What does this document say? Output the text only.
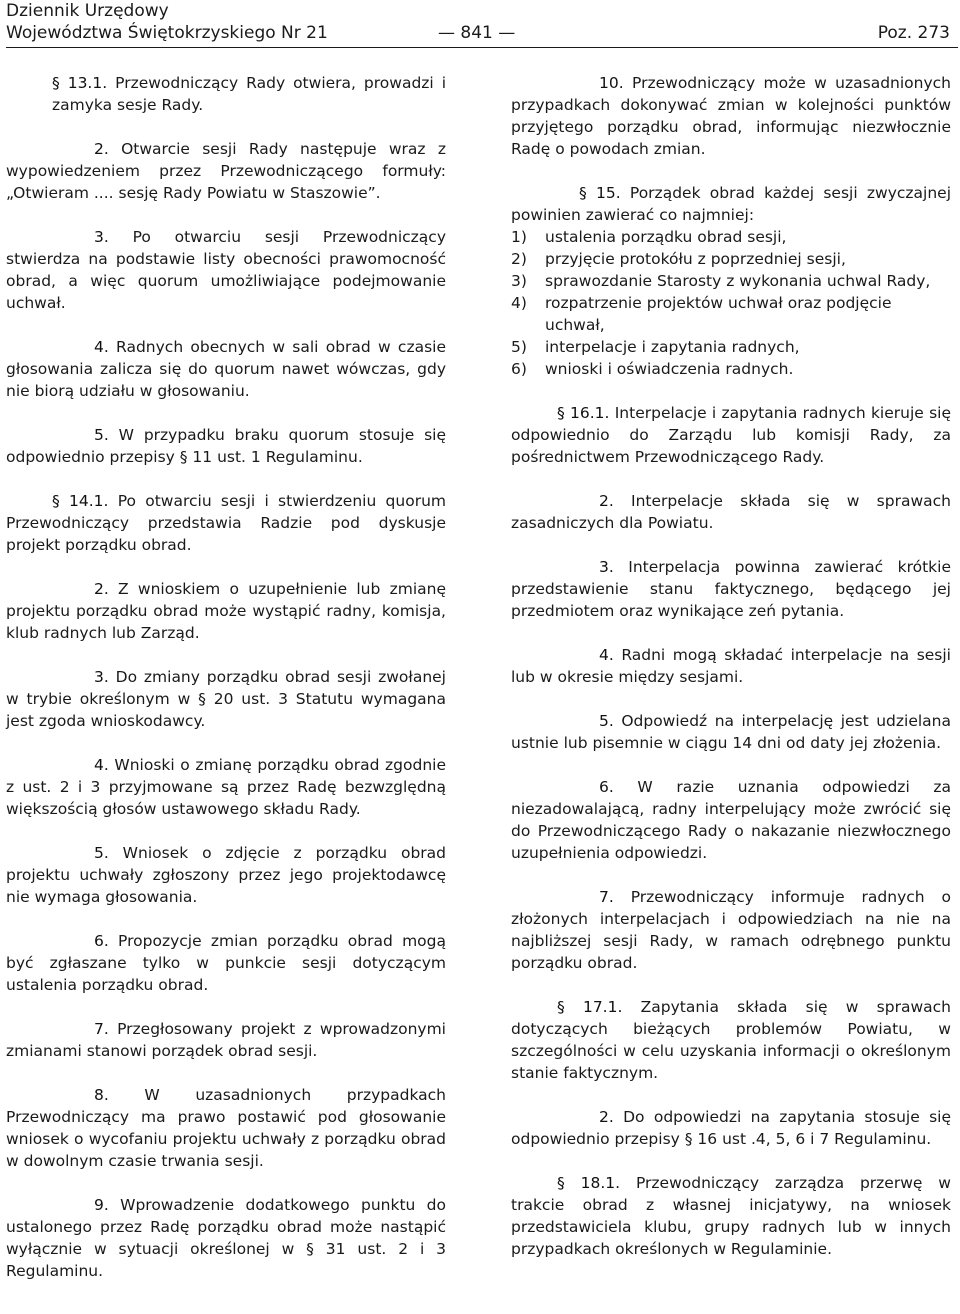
Dziennik Urzędowy
Województwa Świętokrzyskiego Nr 21	— 841 —	Poz. 273

§ 13.1. Przewodniczący Rady otwiera, prowadzi i zamyka sesje Rady.

2. Otwarcie sesji Rady następuje wraz z wypowiedzeniem przez Przewodniczącego formuły: „Otwieram .... sesję Rady Powiatu w Staszowie”.

3. Po otwarciu sesji Przewodniczący stwierdza na podstawie listy obecności prawomocność obrad, a więc quorum umożliwiające podejmowanie uchwał.

4. Radnych obecnych w sali obrad w czasie głosowania zalicza się do quorum nawet wówczas, gdy nie biorą udziału w głosowaniu.

5. W przypadku braku quorum stosuje się odpowiednio przepisy § 11 ust. 1 Regulaminu.

§ 14.1. Po otwarciu sesji i stwierdzeniu quorum Przewodniczący przedstawia Radzie pod dyskusje projekt porządku obrad.

2. Z wnioskiem o uzupełnienie lub zmianę projektu porządku obrad może wystąpić radny, komisja, klub radnych lub Zarząd.

3. Do zmiany porządku obrad sesji zwołanej w trybie określonym w § 20 ust. 3 Statutu wymagana jest zgoda wnioskodawcy.

4. Wnioski o zmianę porządku obrad zgodnie z ust. 2 i 3 przyjmowane są przez Radę bezwzględną większością głosów ustawowego składu Rady.

5. Wniosek o zdjęcie z porządku obrad projektu uchwały zgłoszony przez jego projektodawcę nie wymaga głosowania.

6. Propozycje zmian porządku obrad mogą być zgłaszane tylko w punkcie sesji dotyczącym ustalenia porządku obrad.

7. Przegłosowany projekt z wprowadzonymi zmianami stanowi porządek obrad sesji.

8. W uzasadnionych przypadkach Przewodniczący ma prawo postawić pod głosowanie wniosek o wycofaniu projektu uchwały z porządku obrad w dowolnym czasie trwania sesji.

9. Wprowadzenie dodatkowego punktu do ustalonego przez Radę porządku obrad może nastąpić wyłącznie w sytuacji określonej w § 31 ust. 2 i 3 Regulaminu.

10. Przewodniczący może w uzasadnionych przypadkach dokonywać zmian w kolejności punktów przyjętego porządku obrad, informując niezwłocznie Radę o powodach zmian.

§ 15. Porządek obrad każdej sesji zwyczajnej powinien zawierać co najmniej:

1) ustalenia porządku obrad sesji,
2) przyjęcie protokółu z poprzedniej sesji,
3) sprawozdanie Starosty z wykonania uchwal Rady,
4) rozpatrzenie projektów uchwał oraz podjęcie uchwał,
5) interpelacje i zapytania radnych,
6) wnioski i oświadczenia radnych.

§ 16.1. Interpelacje i zapytania radnych kieruje się odpowiednio do Zarządu lub komisji Rady, za pośrednictwem Przewodniczącego Rady.

2. Interpelacje składa się w sprawach zasadniczych dla Powiatu.

3. Interpelacja powinna zawierać krótkie przedstawienie stanu faktycznego, będącego jej przedmiotem oraz wynikające zeń pytania.

4. Radni mogą składać interpelacje na sesji lub w okresie między sesjami.

5. Odpowiedź na interpelację jest udzielana ustnie lub pisemnie w ciągu 14 dni od daty jej złożenia.

6. W razie uznania odpowiedzi za niezadowalającą, radny interpelujący może zwrócić się do Przewodniczącego Rady o nakazanie niezwłocznego uzupełnienia odpowiedzi.

7. Przewodniczący informuje radnych o złożonych interpelacjach i odpowiedziach na nie na najbliższej sesji Rady, w ramach odrębnego punktu porządku obrad.

§ 17.1. Zapytania składa się w sprawach dotyczących bieżących problemów Powiatu, w szczególności w celu uzyskania informacji o określonym stanie faktycznym.

2. Do odpowiedzi na zapytania stosuje się odpowiednio przepisy § 16 ust .4, 5, 6 i 7 Regulaminu.

§ 18.1. Przewodniczący zarządza przerwę w trakcie obrad z własnej inicjatywy, na wniosek przedstawiciela klubu, grupy radnych lub w innych przypadkach określonych w Regulaminie.
